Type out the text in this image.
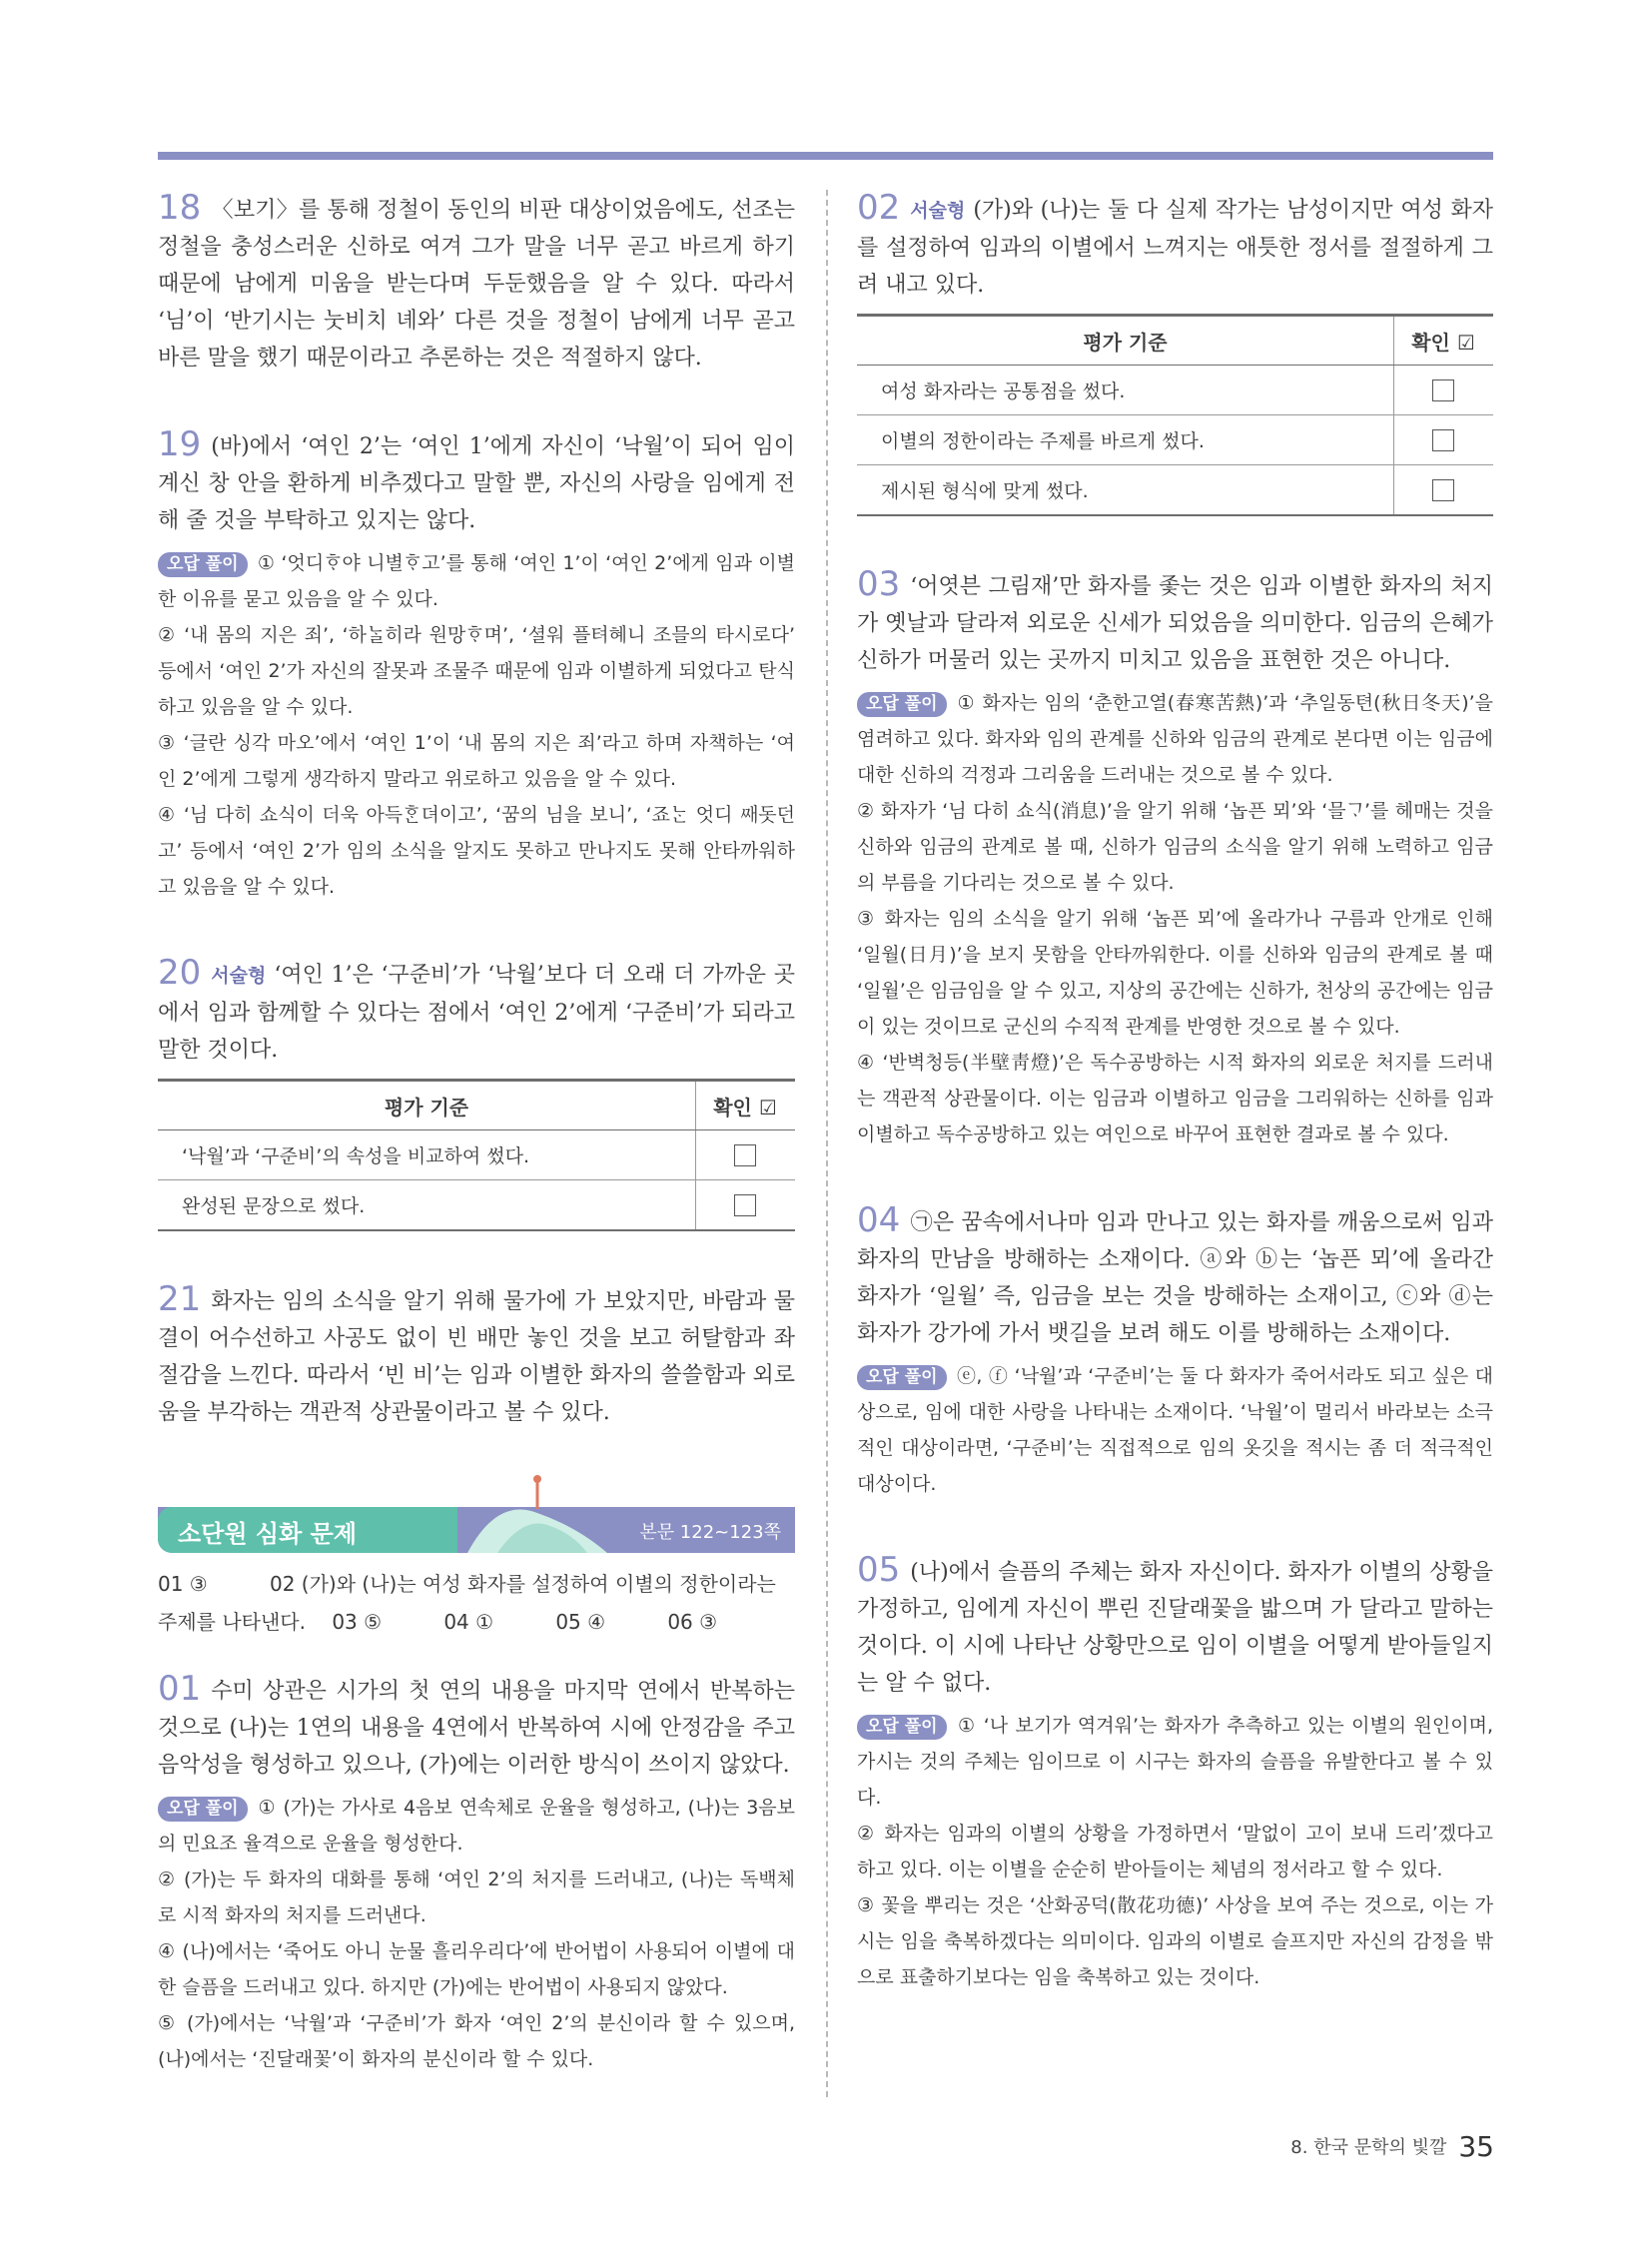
18 〈보기〉를 통해 정철이 동인의 비판 대상이었음에도, 선조는 정철을 충성스러운 신하로 여겨 그가 말을 너무 곧고 바르게 하기 때문에 남에게 미움을 받는다며 두둔했음을 알 수 있다. 따라서 ‘님’이 ‘반기시는 눗비치 녜와’ 다른 것을 정철이 남에게 너무 곧고 바른 말을 했기 때문이라고 추론하는 것은 적절하지 않다.

19 (바)에서 ‘여인 2’는 ‘여인 1’에게 자신이 ‘낙월’이 되어 임이 계신 창 안을 환하게 비추겠다고 말할 뿐, 자신의 사랑을 임에게 전해 줄 것을 부탁하고 있지는 않다.

오답 풀이 ① ‘엇디ᄒᆞ야 니별ᄒᆞ고’를 통해 ‘여인 1’이 ‘여인 2’에게 임과 이별한 이유를 묻고 있음을 알 수 있다.

② ‘내 몸의 지은 죄’, ‘하ᄂᆞᆯ히라 원망ᄒᆞ며’, ‘셜워 플텨혜니 조믈의 타시로다’ 등에서 ‘여인 2’가 자신의 잘못과 조물주 때문에 임과 이별하게 되었다고 탄식하고 있음을 알 수 있다.

③ ‘글란 싱각 마오’에서 ‘여인 1’이 ‘내 몸의 지은 죄’라고 하며 자책하는 ‘여인 2’에게 그렇게 생각하지 말라고 위로하고 있음을 알 수 있다.

④ ‘님 다히 쇼식이 더욱 아득ᄒᆞᆫ뎌이고’, ‘꿈의 님을 보니’, ‘죠ᄂᆞᆫ 엇디 ᄶᅢ돗던고’ 등에서 ‘여인 2’가 임의 소식을 알지도 못하고 만나지도 못해 안타까워하고 있음을 알 수 있다.

20 서술형 ‘여인 1’은 ‘구준비’가 ‘낙월’보다 더 오래 더 가까운 곳에서 임과 함께할 수 있다는 점에서 ‘여인 2’에게 ‘구준비’가 되라고 말한 것이다.

평가 기준	확인 ☑
‘낙월’과 ‘구준비’의 속성을 비교하여 썼다.	
완성된 문장으로 썼다.	

21 화자는 임의 소식을 알기 위해 물가에 가 보았지만, 바람과 물결이 어수선하고 사공도 없이 빈 배만 놓인 것을 보고 허탈함과 좌절감을 느낀다. 따라서 ‘빈 비’는 임과 이별한 화자의 쓸쓸함과 외로움을 부각하는 객관적 상관물이라고 볼 수 있다.

소단원 심화 문제	본문 122~123쪽
01 ③	02 (가)와 (나)는 여성 화자를 설정하여 이별의 정한이라는 주제를 나타낸다. 03 ⑤	04 ①	05 ④	06 ③

01 수미 상관은 시가의 첫 연의 내용을 마지막 연에서 반복하는 것으로 (나)는 1연의 내용을 4연에서 반복하여 시에 안정감을 주고 음악성을 형성하고 있으나, (가)에는 이러한 방식이 쓰이지 않았다.

오답 풀이 ① (가)는 가사로 4음보 연속체로 운율을 형성하고, (나)는 3음보의 민요조 율격으로 운율을 형성한다.

② (가)는 두 화자의 대화를 통해 ‘여인 2’의 처지를 드러내고, (나)는 독백체로 시적 화자의 처지를 드러낸다.

④ (나)에서는 ‘죽어도 아니 눈물 흘리우리다’에 반어법이 사용되어 이별에 대한 슬픔을 드러내고 있다. 하지만 (가)에는 반어법이 사용되지 않았다.

⑤ (가)에서는 ‘낙월’과 ‘구준비’가 화자 ‘여인 2’의 분신이라 할 수 있으며, (나)에서는 ‘진달래꽃’이 화자의 분신이라 할 수 있다.

02 서술형 (가)와 (나)는 둘 다 실제 작가는 남성이지만 여성 화자를 설정하여 임과의 이별에서 느껴지는 애틋한 정서를 절절하게 그려 내고 있다.

평가 기준	확인 ☑
여성 화자라는 공통점을 썼다.	
이별의 정한이라는 주제를 바르게 썼다.	
제시된 형식에 맞게 썼다.	

03 ‘어엿븐 그림재’만 화자를 좇는 것은 임과 이별한 화자의 처지가 옛날과 달라져 외로운 신세가 되었음을 의미한다. 임금의 은혜가 신하가 머물러 있는 곳까지 미치고 있음을 표현한 것은 아니다.

오답 풀이 ① 화자는 임의 ‘춘한고열(春寒苦熱)’과 ‘추일동텬(秋日冬天)’을 염려하고 있다. 화자와 임의 관계를 신하와 임금의 관계로 본다면 이는 임금에 대한 신하의 걱정과 그리움을 드러내는 것으로 볼 수 있다.

② 화자가 ‘님 다히 쇼식(消息)’을 알기 위해 ‘놉픈 뫼’와 ‘믈ᄀᆞ’를 헤매는 것을 신하와 임금의 관계로 볼 때, 신하가 임금의 소식을 알기 위해 노력하고 임금의 부름을 기다리는 것으로 볼 수 있다.

③ 화자는 임의 소식을 알기 위해 ‘놉픈 뫼’에 올라가나 구름과 안개로 인해 ‘일월(日月)’을 보지 못함을 안타까워한다. 이를 신하와 임금의 관계로 볼 때 ‘일월’은 임금임을 알 수 있고, 지상의 공간에는 신하가, 천상의 공간에는 임금이 있는 것이므로 군신의 수직적 관계를 반영한 것으로 볼 수 있다.

④ ‘반벽청등(半壁靑燈)’은 독수공방하는 시적 화자의 외로운 처지를 드러내는 객관적 상관물이다. 이는 임금과 이별하고 임금을 그리워하는 신하를 임과 이별하고 독수공방하고 있는 여인으로 바꾸어 표현한 결과로 볼 수 있다.

04 ㉠은 꿈속에서나마 임과 만나고 있는 화자를 깨움으로써 임과 화자의 만남을 방해하는 소재이다. ⓐ와 ⓑ는 ‘놉픈 뫼’에 올라간 화자가 ‘일월’ 즉, 임금을 보는 것을 방해하는 소재이고, ⓒ와 ⓓ는 화자가 강가에 가서 뱃길을 보려 해도 이를 방해하는 소재이다.

오답 풀이 ⓔ, ⓕ ‘낙월’과 ‘구준비’는 둘 다 화자가 죽어서라도 되고 싶은 대상으로, 임에 대한 사랑을 나타내는 소재이다. ‘낙월’이 멀리서 바라보는 소극적인 대상이라면, ‘구준비’는 직접적으로 임의 옷깃을 적시는 좀 더 적극적인 대상이다.

05 (나)에서 슬픔의 주체는 화자 자신이다. 화자가 이별의 상황을 가정하고, 임에게 자신이 뿌린 진달래꽃을 밟으며 가 달라고 말하는 것이다. 이 시에 나타난 상황만으로 임이 이별을 어떻게 받아들일지는 알 수 없다.

오답 풀이 ① ‘나 보기가 역겨워’는 화자가 추측하고 있는 이별의 원인이며, 가시는 것의 주체는 임이므로 이 시구는 화자의 슬픔을 유발한다고 볼 수 있다.

② 화자는 임과의 이별의 상황을 가정하면서 ‘말없이 고이 보내 드리’겠다고 하고 있다. 이는 이별을 순순히 받아들이는 체념의 정서라고 할 수 있다.

③ 꽃을 뿌리는 것은 ‘산화공덕(散花功德)’ 사상을 보여 주는 것으로, 이는 가시는 임을 축복하겠다는 의미이다. 임과의 이별로 슬프지만 자신의 감정을 밖으로 표출하기보다는 임을 축복하고 있는 것이다.

8. 한국 문학의 빛깔 35
